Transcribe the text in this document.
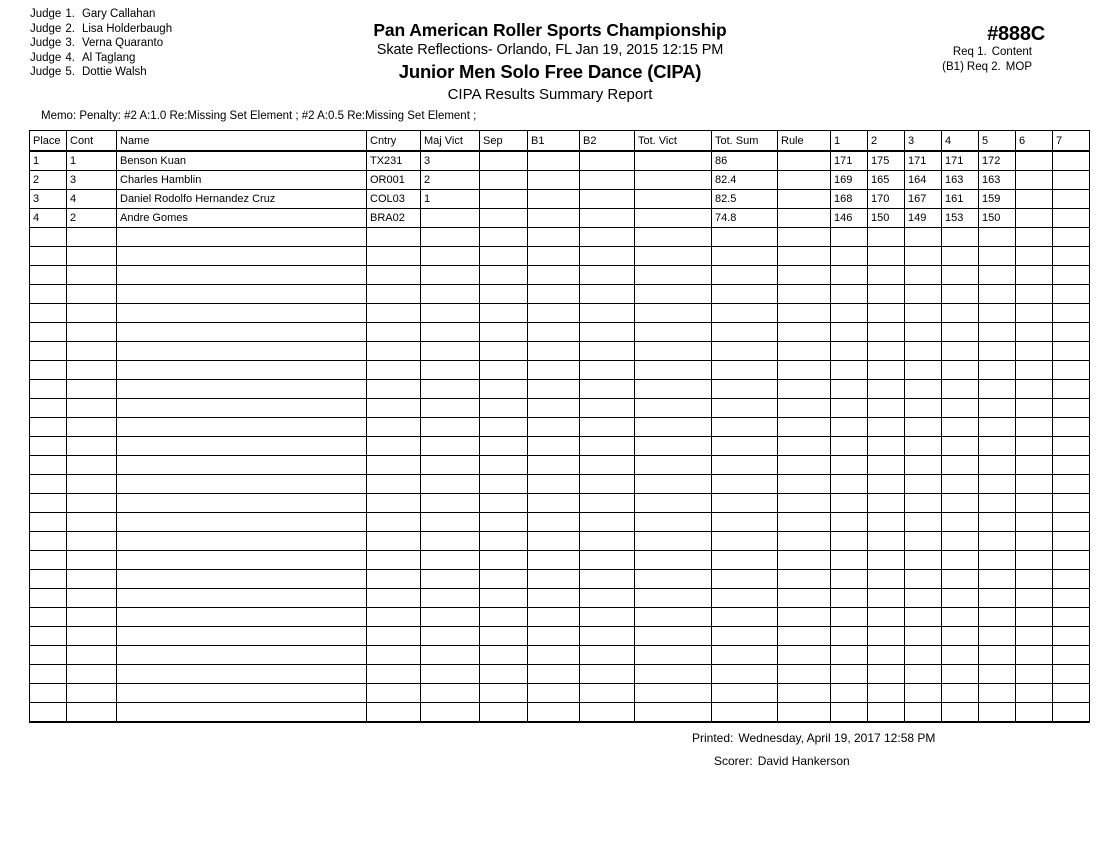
Judge 1. Gary Callahan
Judge 2. Lisa Holderbaugh
Judge 3. Verna Quaranto
Judge 4. Al Taglang
Judge 5. Dottie Walsh
Pan American Roller Sports Championship
Skate Reflections- Orlando, FL Jan 19, 2015 12:15 PM
Junior Men Solo Free Dance (CIPA)
CIPA Results Summary Report
#888C
Req 1. Content
(B1) Req 2. MOP
Memo: Penalty: #2 A:1.0 Re:Missing Set Element ; #2 A:0.5 Re:Missing Set Element ;
Place	Cont	Name	Cntry	Maj Vict	Sep	B1	B2	Tot. Vict	Tot. Sum	Rule	1	2	3	4	5	6	7
1	1	Benson Kuan	TX231	3					86		171	175	171	171	172		
2	3	Charles Hamblin	OR001	2					82.4		169	165	164	163	163		
3	4	Daniel Rodolfo Hernandez Cruz	COL03	1					82.5		168	170	167	161	159		
4	2	Andre Gomes	BRA02						74.8		146	150	149	153	150		

Printed: Wednesday, April 19, 2017 12:58 PM
Scorer: David Hankerson
